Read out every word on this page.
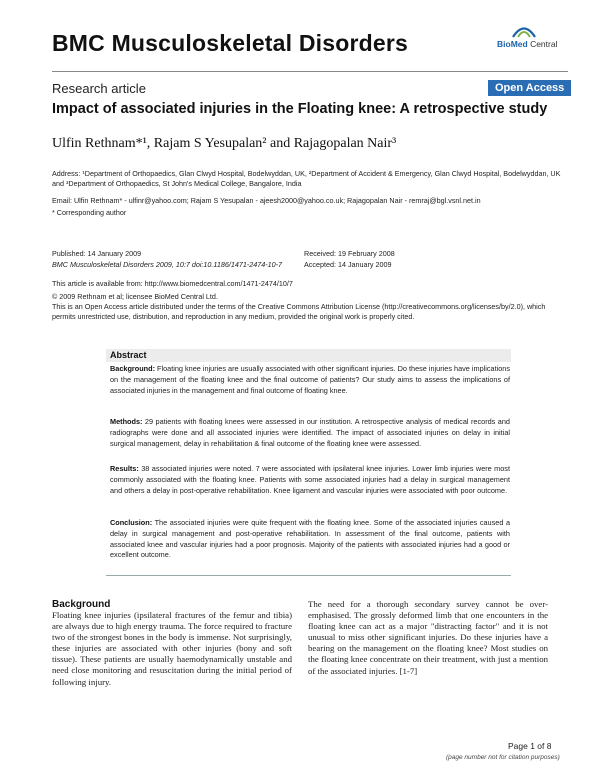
BMC Musculoskeletal Disorders	BioMed Central
Research article	Open Access
Impact of associated injuries in the Floating knee: A retrospective study
Ulfin Rethnam*¹, Rajam S Yesupalan² and Rajagopalan Nair³
Address: ¹Department of Orthopaedics, Glan Clwyd Hospital, Bodelwyddan, UK, ²Department of Accident & Emergency, Glan Clwyd Hospital, Bodelwyddan, UK and ³Department of Orthopaedics, St John's Medical College, Bangalore, India
Email: Ulfin Rethnam* - ulfinr@yahoo.com; Rajam S Yesupalan - ajeesh2000@yahoo.co.uk; Rajagopalan Nair - remraj@bgl.vsnl.net.in
* Corresponding author
Published: 14 January 2009
BMC Musculoskeletal Disorders 2009, 10:7 doi:10.1186/1471-2474-10-7
Received: 19 February 2008
Accepted: 14 January 2009
This article is available from: http://www.biomedcentral.com/1471-2474/10/7
© 2009 Rethnam et al; licensee BioMed Central Ltd.
This is an Open Access article distributed under the terms of the Creative Commons Attribution License (http://creativecommons.org/licenses/by/2.0), which permits unrestricted use, distribution, and reproduction in any medium, provided the original work is properly cited.
Abstract
Background: Floating knee injuries are usually associated with other significant injuries. Do these injuries have implications on the management of the floating knee and the final outcome of patients? Our study aims to assess the implications of associated injuries in the management and final outcome of floating knee.
Methods: 29 patients with floating knees were assessed in our institution. A retrospective analysis of medical records and radiographs were done and all associated injuries were identified. The impact of associated injuries on delay in initial surgical management, delay in rehabilitation & final outcome of the floating knee were assessed.
Results: 38 associated injuries were noted. 7 were associated with ipsilateral knee injuries. Lower limb injuries were most commonly associated with the floating knee. Patients with some associated injuries had a delay in surgical management and others a delay in post-operative rehabilitation. Knee ligament and vascular injuries were associated with poor outcome.
Conclusion: The associated injuries were quite frequent with the floating knee. Some of the associated injuries caused a delay in surgical management and post-operative rehabilitation. In assessment of the final outcome, patients with associated knee and vascular injuries had a poor prognosis. Majority of the patients with associated injuries had a good or excellent outcome.
Background
Floating knee injuries (ipsilateral fractures of the femur and tibia) are always due to high energy trauma. The force required to fracture two of the strongest bones in the body is immense. Not surprisingly, these injuries are associated with other injuries (bony and soft tissue). These patients are usually haemodynamically unstable and need close monitoring and resuscitation during the initial period of following injury.
The need for a thorough secondary survey cannot be over-emphasised. The grossly deformed limb that one encounters in the floating knee can act as a major "distracting factor" and it is not unusual to miss other significant injuries. Do these injuries have a bearing on the management on the floating knee? Most studies on the floating knee concentrate on their treatment, with just a mention of the associated injuries. [1-7]
Page 1 of 8
(page number not for citation purposes)
